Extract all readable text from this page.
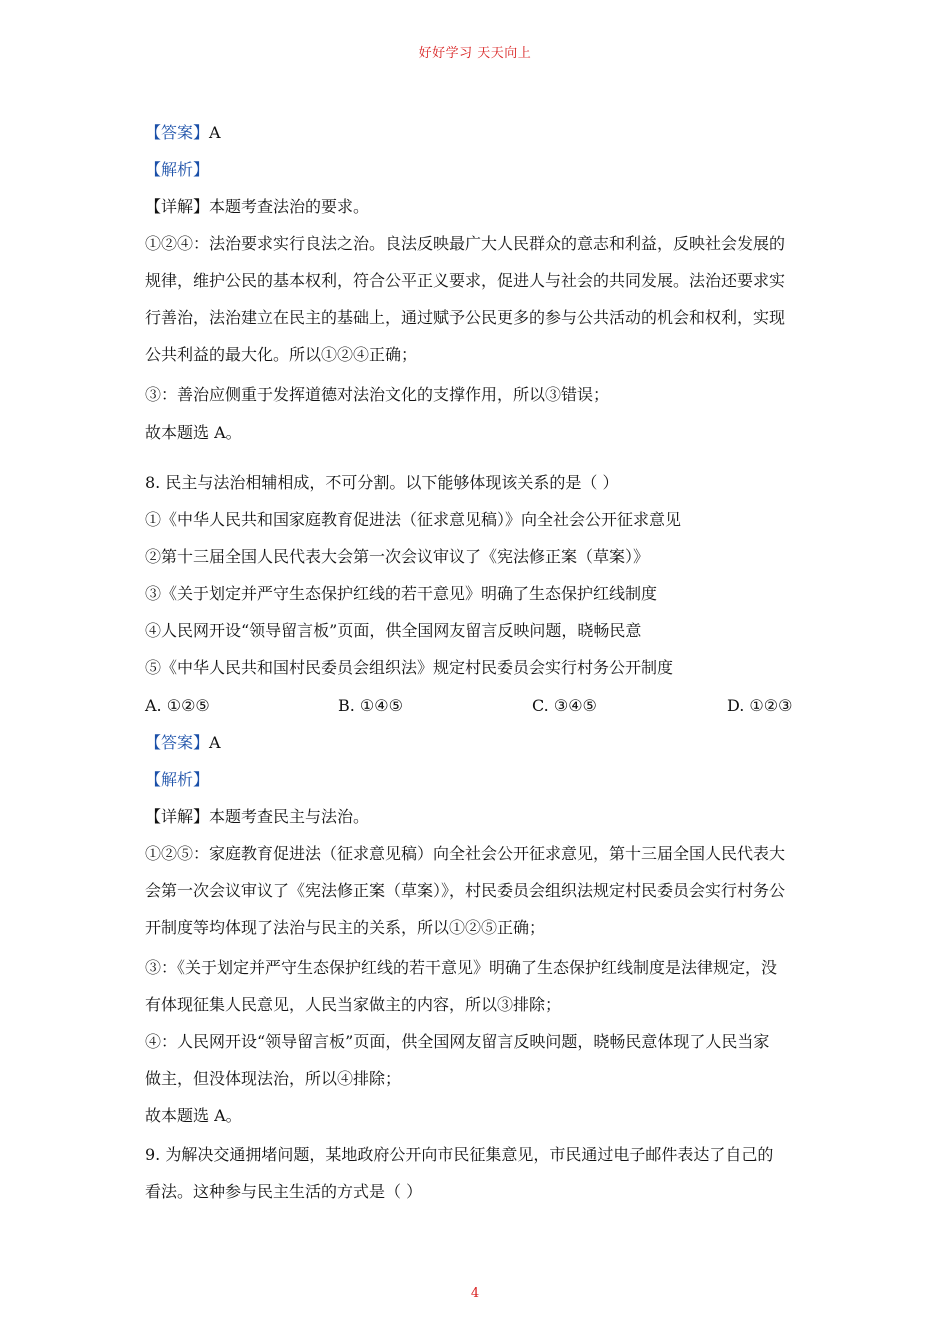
好好学习 天天向上
【答案】A
【解析】
【详解】本题考查法治的要求。
①②④：法治要求实行良法之治。良法反映最广大人民群众的意志和利益，反映社会发展的
规律，维护公民的基本权利，符合公平正义要求，促进人与社会的共同发展。法治还要求实
行善治，法治建立在民主的基础上，通过赋予公民更多的参与公共活动的机会和权利，实现
公共利益的最大化。所以①②④正确；
③：善治应侧重于发挥道德对法治文化的支撑作用，所以③错误；
故本题选 A。
8. 民主与法治相辅相成，不可分割。以下能够体现该关系的是（ ）
①《中华人民共和国家庭教育促进法（征求意见稿）》向全社会公开征求意见
②第十三届全国人民代表大会第一次会议审议了《宪法修正案（草案）》
③《关于划定并严守生态保护红线的若干意见》明确了生态保护红线制度
④人民网开设“领导留言板”页面，供全国网友留言反映问题，晓畅民意
⑤《中华人民共和国村民委员会组织法》规定村民委员会实行村务公开制度
A. ①②⑤	B. ①④⑤	C. ③④⑤	D. ①②③
【答案】A
【解析】
【详解】本题考查民主与法治。
①②⑤：家庭教育促进法（征求意见稿）向全社会公开征求意见，第十三届全国人民代表大
会第一次会议审议了《宪法修正案（草案）》，村民委员会组织法规定村民委员会实行村务公
开制度等均体现了法治与民主的关系，所以①②⑤正确；
③：《关于划定并严守生态保护红线的若干意见》明确了生态保护红线制度是法律规定，没
有体现征集人民意见，人民当家做主的内容，所以③排除；
④：人民网开设“领导留言板”页面，供全国网友留言反映问题，晓畅民意体现了人民当家
做主，但没体现法治，所以④排除；
故本题选 A。
9. 为解决交通拥堵问题，某地政府公开向市民征集意见，市民通过电子邮件表达了自己的
看法。这种参与民主生活的方式是（ ）
4
